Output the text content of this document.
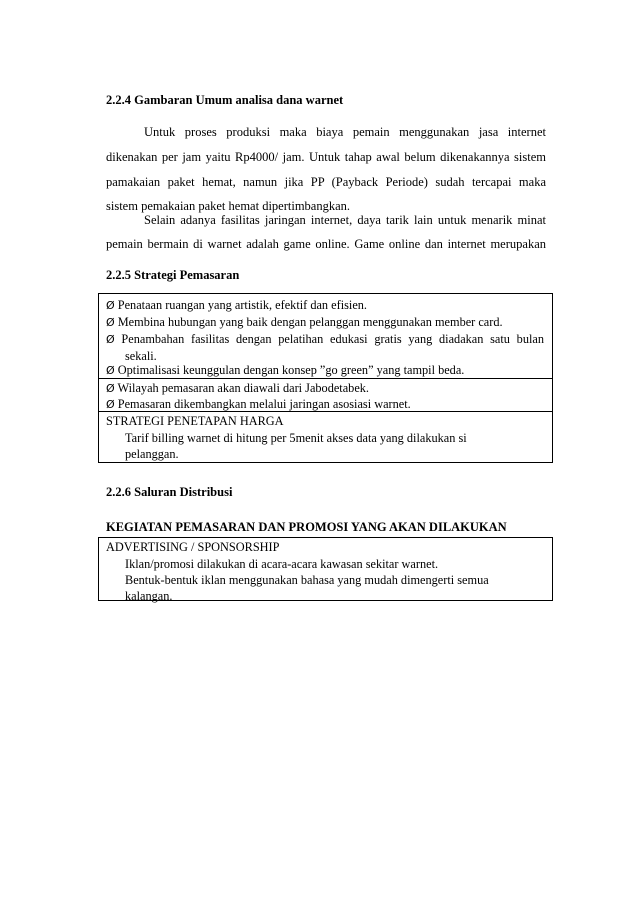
2.2.4 Gambaran Umum analisa dana warnet

Untuk proses produksi maka biaya pemain menggunakan jasa internet

dikenakan per jam yaitu Rp4000/ jam. Untuk tahap awal belum dikenakannya sistem

pamakaian paket hemat, namun jika PP (Payback Periode) sudah tercapai maka

sistem pemakaian paket hemat dipertimbangkan.

Selain adanya fasilitas jaringan internet, daya tarik lain untuk menarik minat

pemain bermain di warnet adalah game online. Game online dan internet merupakan

2.2.5 Strategi Pemasaran

Ø Penataan ruangan yang artistik, efektif dan efisien.
Ø Membina hubungan yang baik dengan pelanggan menggunakan member card.
Ø Penambahan fasilitas dengan pelatihan edukasi gratis yang diadakan satu bulan
sekali.
Ø Optimalisasi keunggulan dengan konsep ”go green” yang tampil beda.
Ø Wilayah pemasaran akan diawali dari Jabodetabek.
Ø Pemasaran dikembangkan melalui jaringan asosiasi warnet.
STRATEGI PENETAPAN HARGA
Tarif billing warnet di hitung per 5menit akses data yang dilakukan si
pelanggan.

2.2.6 Saluran Distribusi

KEGIATAN PEMASARAN DAN PROMOSI YANG AKAN DILAKUKAN

ADVERTISING / SPONSORSHIP
Iklan/promosi dilakukan di acara-acara kawasan sekitar warnet.
Bentuk-bentuk iklan menggunakan bahasa yang mudah dimengerti semua
kalangan.
